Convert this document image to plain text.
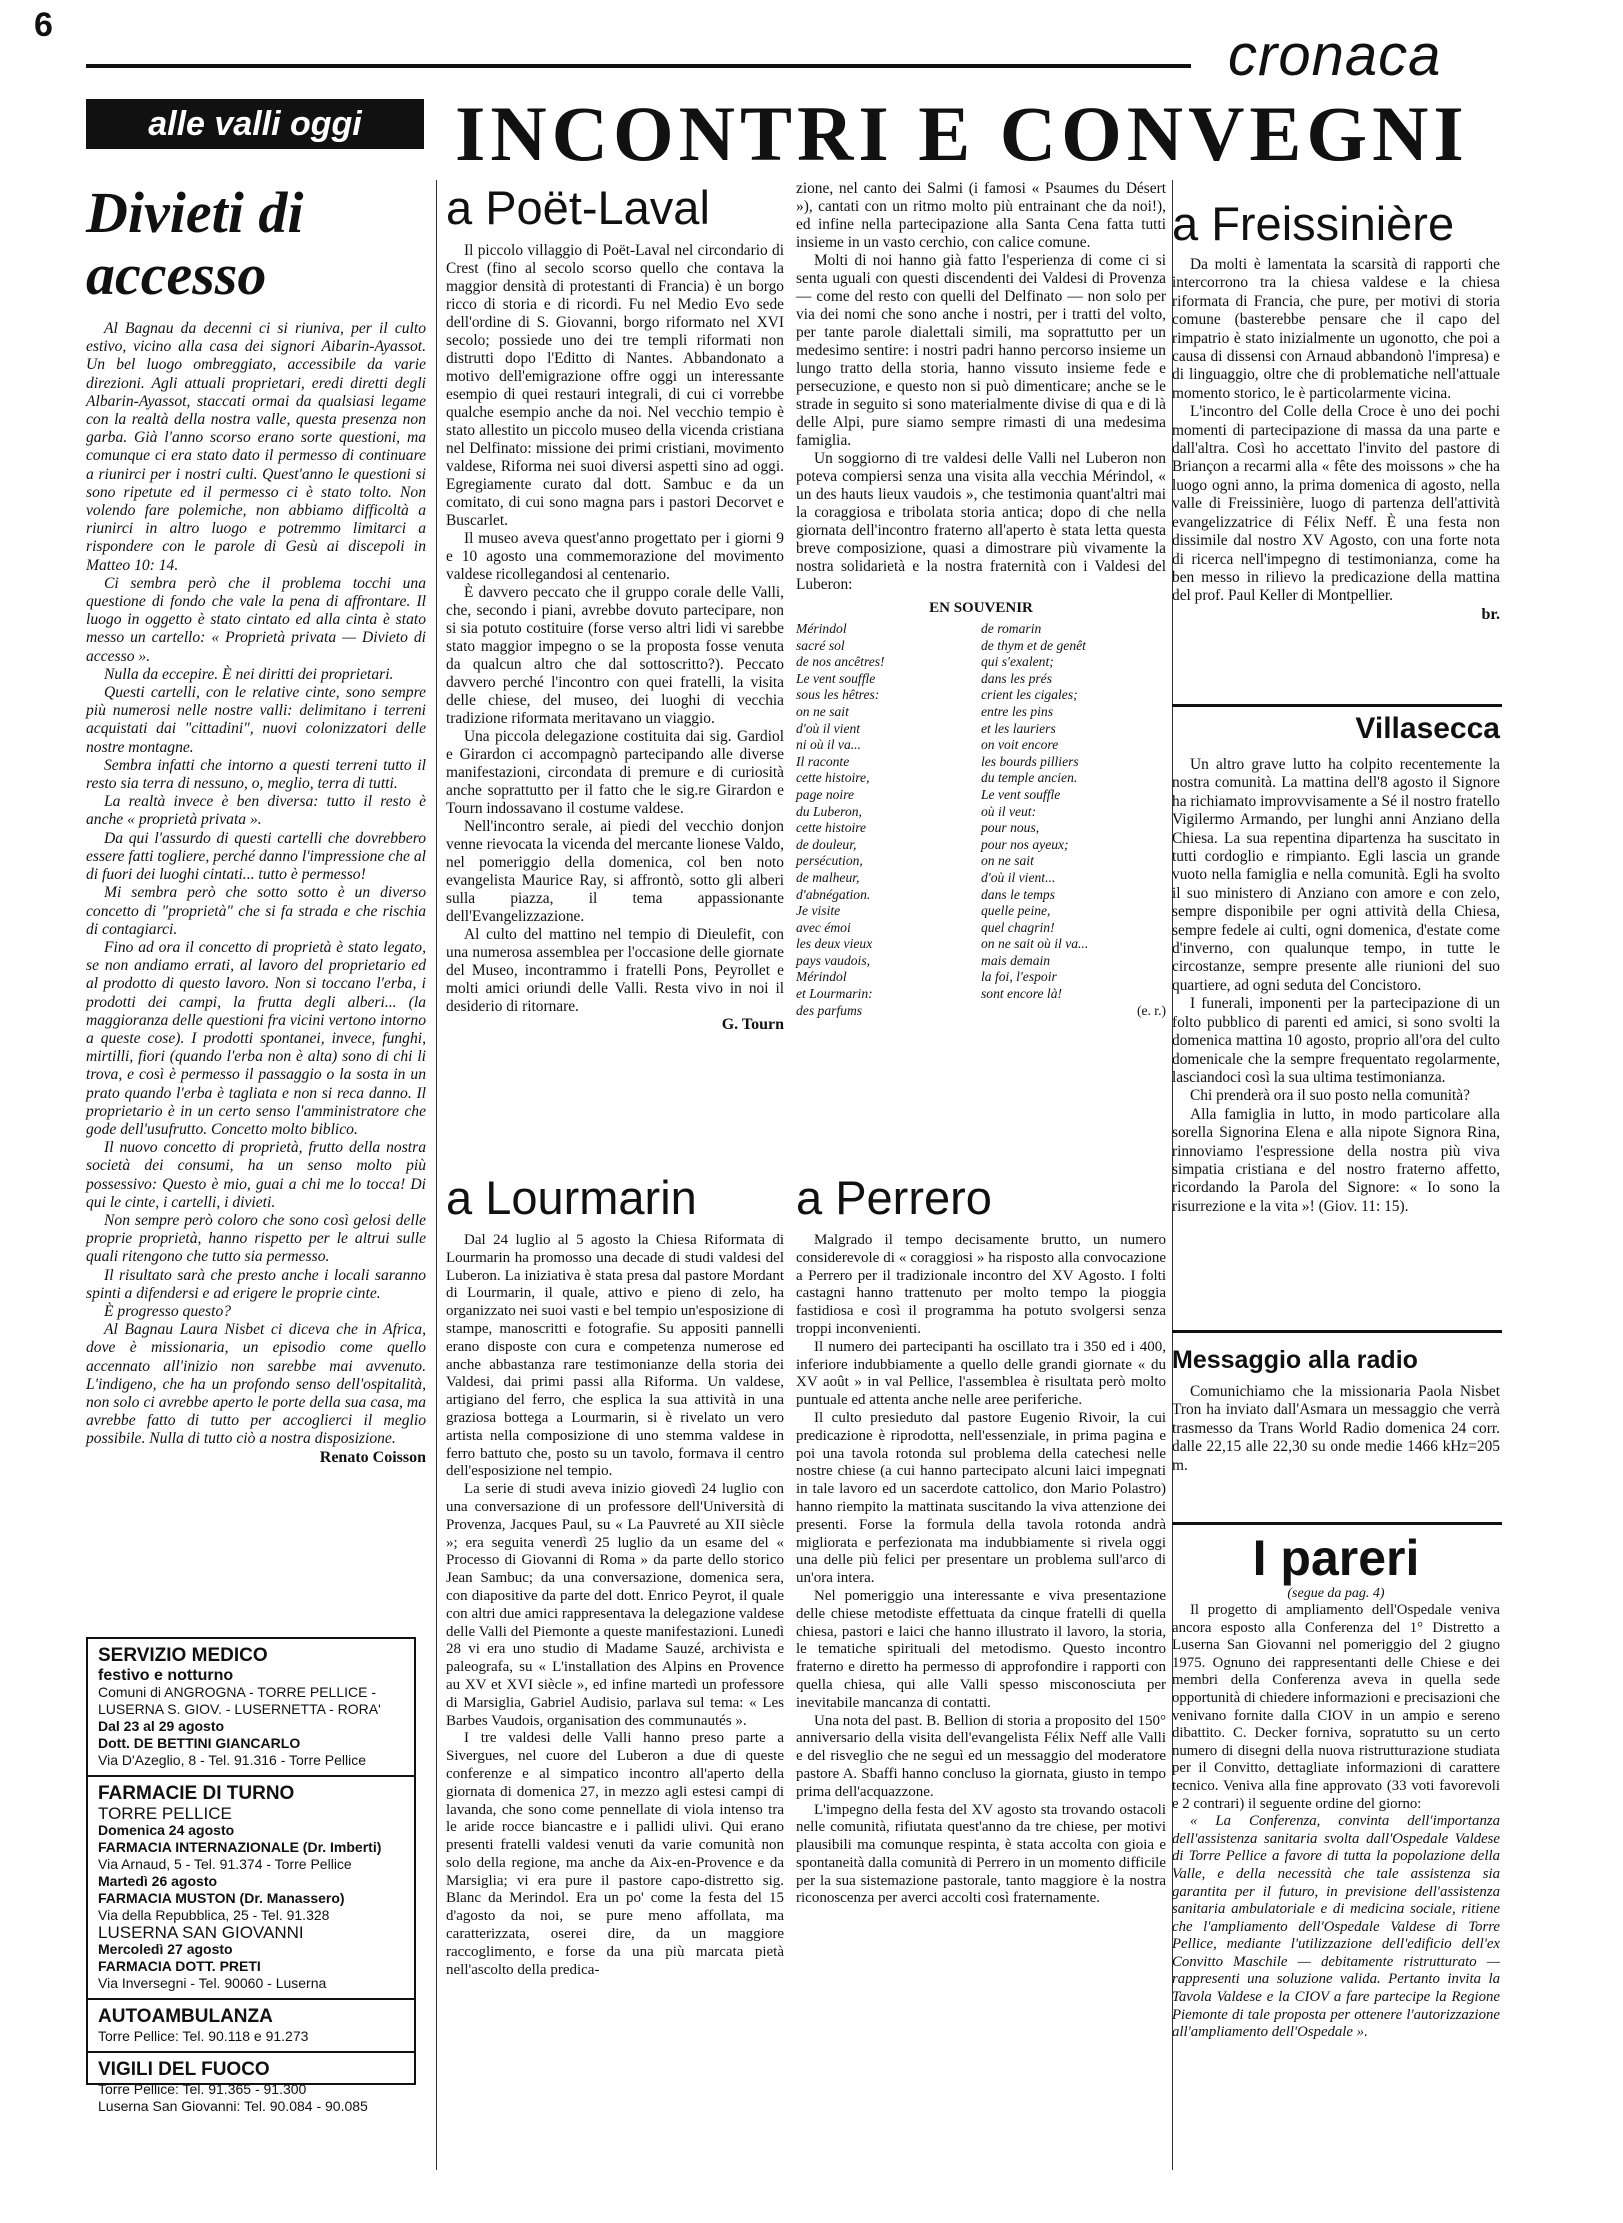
6	cronaca
alle valli oggi	INCONTRI E CONVEGNI
Divieti di accesso

Al Bagnau da decenni ci si riuniva, per il culto estivo, vicino alla casa dei signori Aibarin-Ayassot. Un bel luogo ombreggiato, accessibile da varie direzioni. Agli attuali proprietari, eredi diretti degli Albarin-Ayassot, staccati ormai da qualsiasi legame con la realtà della nostra valle, questa presenza non garba. Già l'anno scorso erano sorte questioni, ma comunque ci era stato dato il permesso di continuare a riunirci per i nostri culti. Quest'anno le questioni si sono ripetute ed il permesso ci è stato tolto. Non volendo fare polemiche, non abbiamo difficoltà a riunirci in altro luogo e potremmo limitarci a rispondere con le parole di Gesù ai discepoli in Matteo 10: 14.

Ci sembra però che il problema tocchi una questione di fondo che vale la pena di affrontare. Il luogo in oggetto è stato cintato ed alla cinta è stato messo un cartello: « Proprietà privata — Divieto di accesso ».

Nulla da eccepire. È nei diritti dei proprietari.

Questi cartelli, con le relative cinte, sono sempre più numerosi nelle nostre valli: delimitano i terreni acquistati dai "cittadini", nuovi colonizzatori delle nostre montagne.

Sembra infatti che intorno a questi terreni tutto il resto sia terra di nessuno, o, meglio, terra di tutti.

La realtà invece è ben diversa: tutto il resto è anche « proprietà privata ».

Da qui l'assurdo di questi cartelli che dovrebbero essere fatti togliere, perché danno l'impressione che al di fuori dei luoghi cintati... tutto è permesso!

Mi sembra però che sotto sotto è un diverso concetto di "proprietà" che si fa strada e che rischia di contagiarci.

Fino ad ora il concetto di proprietà è stato legato, se non andiamo errati, al lavoro del proprietario ed al prodotto di questo lavoro. Non si toccano l'erba, i prodotti dei campi, la frutta degli alberi... (la maggioranza delle questioni fra vicini vertono intorno a queste cose). I prodotti spontanei, invece, funghi, mirtilli, fiori (quando l'erba non è alta) sono di chi li trova, e così è permesso il passaggio o la sosta in un prato quando l'erba è tagliata e non si reca danno. Il proprietario è in un certo senso l'amministratore che gode dell'usufrutto. Concetto molto biblico.

Il nuovo concetto di proprietà, frutto della nostra società dei consumi, ha un senso molto più possessivo: Questo è mio, guai a chi me lo tocca! Di qui le cinte, i cartelli, i divieti.

Non sempre però coloro che sono così gelosi delle proprie proprietà, hanno rispetto per le altrui sulle quali ritengono che tutto sia permesso.

Il risultato sarà che presto anche i locali saranno spinti a difendersi e ad erigere le proprie cinte.

È progresso questo?

Al Bagnau Laura Nisbet ci diceva che in Africa, dove è missionaria, un episodio come quello accennato all'inizio non sarebbe mai avvenuto. L'indigeno, che ha un profondo senso dell'ospitalità, non solo ci avrebbe aperto le porte della sua casa, ma avrebbe fatto di tutto per accoglierci il meglio possibile. Nulla di tutto ciò a nostra disposizione.

Renato Coisson
SERVIZIO MEDICO
festivo e notturno
Comuni di ANGROGNA - TORRE PELLICE -
LUSERNA S. GIOV. - LUSERNETTA - RORA'
Dal 23 al 29 agosto
Dott. DE BETTINI GIANCARLO
Via D'Azeglio, 8 - Tel. 91.316 - Torre Pellice
FARMACIE DI TURNO
TORRE PELLICE
Domenica 24 agosto
FARMACIA INTERNAZIONALE (Dr. Imberti)
Via Arnaud, 5 - Tel. 91.374 - Torre Pellice
Martedì 26 agosto
FARMACIA MUSTON (Dr. Manassero)
Via della Repubblica, 25 - Tel. 91.328
LUSERNA SAN GIOVANNI
Mercoledì 27 agosto
FARMACIA DOTT. PRETI
Via Inversegni - Tel. 90060 - Luserna
AUTOAMBULANZA
Torre Pellice: Tel. 90.118 e 91.273
VIGILI DEL FUOCO
Torre Pellice: Tel. 91.365 - 91.300
Luserna San Giovanni: Tel. 90.084 - 90.085
a Poët-Laval

Il piccolo villaggio di Poët-Laval nel circondario di Crest (fino al secolo scorso quello che contava la maggior densità di protestanti di Francia) è un borgo ricco di storia e di ricordi. Fu nel Medio Evo sede dell'ordine di S. Giovanni, borgo riformato nel XVI secolo; possiede uno dei tre templi riformati non distrutti dopo l'Editto di Nantes. Abbandonato a motivo dell'emigrazione offre oggi un interessante esempio di quei restauri integrali, di cui ci vorrebbe qualche esempio anche da noi. Nel vecchio tempio è stato allestito un piccolo museo della vicenda cristiana nel Delfinato: missione dei primi cristiani, movimento valdese, Riforma nei suoi diversi aspetti sino ad oggi. Egregiamente curato dal dott. Sambuc e da un comitato, di cui sono magna pars i pastori Decorvet e Buscarlet.

Il museo aveva quest'anno progettato per i giorni 9 e 10 agosto una commemorazione del movimento valdese ricollegandosi al centenario.

È davvero peccato che il gruppo corale delle Valli, che, secondo i piani, avrebbe dovuto partecipare, non si sia potuto costituire (forse verso altri lidi vi sarebbe stato maggior impegno o se la proposta fosse venuta da qualcun altro che dal sottoscritto?). Peccato davvero perché l'incontro con quei fratelli, la visita delle chiese, del museo, dei luoghi di vecchia tradizione riformata meritavano un viaggio.

Una piccola delegazione costituita dai sig. Gardiol e Girardon ci accompagnò partecipando alle diverse manifestazioni, circondata di premure e di curiosità anche soprattutto per il fatto che le sig.re Girardon e Tourn indossavano il costume valdese.

Nell'incontro serale, ai piedi del vecchio donjon venne rievocata la vicenda del mercante lionese Valdo, nel pomeriggio della domenica, col ben noto evangelista Maurice Ray, si affrontò, sotto gli alberi sulla piazza, il tema appassionante dell'Evangelizzazione.

Al culto del mattino nel tempio di Dieulefit, con una numerosa assemblea per l'occasione delle giornate del Museo, incontrammo i fratelli Pons, Peyrollet e molti amici oriundi delle Valli. Resta vivo in noi il desiderio di ritornare.

G. Tourn

zione, nel canto dei Salmi (i famosi « Psaumes du Désert »), cantati con un ritmo molto più entrainant che da noi!), ed infine nella partecipazione alla Santa Cena fatta tutti insieme in un vasto cerchio, con calice comune.

Molti di noi hanno già fatto l'esperienza di come ci si senta uguali con questi discendenti dei Valdesi di Provenza — come del resto con quelli del Delfinato — non solo per via dei nomi che sono anche i nostri, per i tratti del volto, per tante parole dialettali simili, ma soprattutto per un medesimo sentire: i nostri padri hanno percorso insieme un lungo tratto della storia, hanno vissuto insieme fede e persecuzione, e questo non si può dimenticare; anche se le strade in seguito si sono materialmente divise di qua e di là delle Alpi, pure siamo sempre rimasti di una medesima famiglia.

Un soggiorno di tre valdesi delle Valli nel Luberon non poteva compiersi senza una visita alla vecchia Mérindol, « un des hauts lieux vaudois », che testimonia quant'altri mai la coraggiosa e tribolata storia antica; dopo di che nella giornata dell'incontro fraterno all'aperto è stata letta questa breve composizione, quasi a dimostrare più vivamente la nostra solidarietà e la nostra fraternità con i Valdesi del Luberon:

EN SOUVENIR
Mérindol
sacré sol
de nos ancêtres!
Le vent souffle
sous les hêtres:
on ne sait
d'où il vient
ni où il va...
Il raconte
cette histoire,
page noire
du Luberon,
cette histoire
de douleur,
persécution,
de malheur,
d'abnégation.
Je visite
avec émoi
les deux vieux
pays vaudois,
Mérindol
et Lourmarin:
des parfums
de romarin
de thym et de genêt
qui s'exalent;
dans les prés
crient les cigales;
entre les pins
et les lauriers
on voit encore
les bourds pilliers
du temple ancien.
Le vent souffle
où il veut:
pour nous,
pour nos ayeux;
on ne sait
d'où il vient...
dans le temps
quelle peine,
quel chagrin!
on ne sait où il va...
mais demain
la foi, l'espoir
sont encore là!
(e. r.)
a Freissinière

Da molti è lamentata la scarsità di rapporti che intercorrono tra la chiesa valdese e la chiesa riformata di Francia, che pure, per motivi di storia comune (basterebbe pensare che il capo del rimpatrio è stato inizialmente un ugonotto, che poi a causa di dissensi con Arnaud abbandonò l'impresa) e di linguaggio, oltre che di problematiche nell'attuale momento storico, le è particolarmente vicina.

L'incontro del Colle della Croce è uno dei pochi momenti di partecipazione di massa da una parte e dall'altra. Così ho accettato l'invito del pastore di Briançon a recarmi alla « fête des moissons » che ha luogo ogni anno, la prima domenica di agosto, nella valle di Freissinière, luogo di partenza dell'attività evangelizzatrice di Félix Neff. È una festa non dissimile dal nostro XV Agosto, con una forte nota di ricerca nell'impegno di testimonianza, come ha ben messo in rilievo la predicazione della mattina del prof. Paul Keller di Montpellier.

br.
Villasecca

Un altro grave lutto ha colpito recentemente la nostra comunità. La mattina dell'8 agosto il Signore ha richiamato improvvisamente a Sé il nostro fratello Vigilermo Armando, per lunghi anni Anziano della Chiesa. La sua repentina dipartenza ha suscitato in tutti cordoglio e rimpianto. Egli lascia un grande vuoto nella famiglia e nella comunità. Egli ha svolto il suo ministero di Anziano con amore e con zelo, sempre disponibile per ogni attività della Chiesa, sempre fedele ai culti, ogni domenica, d'estate come d'inverno, con qualunque tempo, in tutte le circostanze, sempre presente alle riunioni del suo quartiere, ad ogni seduta del Concistoro.

I funerali, imponenti per la partecipazione di un folto pubblico di parenti ed amici, si sono svolti la domenica mattina 10 agosto, proprio all'ora del culto domenicale che la sempre frequentato regolarmente, lasciandoci così la sua ultima testimonianza.

Chi prenderà ora il suo posto nella comunità?

Alla famiglia in lutto, in modo particolare alla sorella Signorina Elena e alla nipote Signora Rina, rinnoviamo l'espressione della nostra più viva simpatia cristiana e del nostro fraterno affetto, ricordando la Parola del Signore: « Io sono la risurrezione e la vita »! (Giov. 11: 15).

Messaggio alla radio

Comunichiamo che la missionaria Paola Nisbet Tron ha inviato dall'Asmara un messaggio che verrà trasmesso da Trans World Radio domenica 24 corr. dalle 22,15 alle 22,30 su onde medie 1466 kHz=205 m.

I pareri
(segue da pag. 4)

Il progetto di ampliamento dell'Ospedale veniva ancora esposto alla Conferenza del 1° Distretto a Luserna San Giovanni nel pomeriggio del 2 giugno 1975. Ognuno dei rappresentanti delle Chiese e dei membri della Conferenza aveva in quella sede opportunità di chiedere informazioni e precisazioni che venivano fornite dalla CIOV in un ampio e sereno dibattito. C. Decker forniva, sopratutto su un certo numero di disegni della nuova ristrutturazione studiata per il Convitto, dettagliate informazioni di carattere tecnico. Veniva alla fine approvato (33 voti favorevoli e 2 contrari) il seguente ordine del giorno:

« La Conferenza, convinta dell'importanza dell'assistenza sanitaria svolta dall'Ospedale Valdese di Torre Pellice a favore di tutta la popolazione della Valle, e della necessità che tale assistenza sia garantita per il futuro, in previsione dell'assistenza sanitaria ambulatoriale e di medicina sociale, ritiene che l'ampliamento dell'Ospedale Valdese di Torre Pellice, mediante l'utilizzazione dell'edificio dell'ex Convitto Maschile — debitamente ristrutturato — rappresenti una soluzione valida. Pertanto invita la Tavola Valdese e la CIOV a fare partecipe la Regione Piemonte di tale proposta per ottenere l'autorizzazione all'ampliamento dell'Ospedale ».

a Lourmarin

Dal 24 luglio al 5 agosto la Chiesa Riformata di Lourmarin ha promosso una decade di studi valdesi del Luberon. La iniziativa è stata presa dal pastore Mordant di Lourmarin, il quale, attivo e pieno di zelo, ha organizzato nei suoi vasti e bel tempio un'esposizione di stampe, manoscritti e fotografie. Su appositi pannelli erano disposte con cura e competenza numerose ed anche abbastanza rare testimonianze della storia dei Valdesi, dai primi passi alla Riforma. Un valdese, artigiano del ferro, che esplica la sua attività in una graziosa bottega a Lourmarin, si è rivelato un vero artista nella composizione di uno stemma valdese in ferro battuto che, posto su un tavolo, formava il centro dell'esposizione nel tempio.

La serie di studi aveva inizio giovedì 24 luglio con una conversazione di un professore dell'Università di Provenza, Jacques Paul, su « La Pauvreté au XII siècle »; era seguita venerdì 25 luglio da un esame del « Processo di Giovanni di Roma » da parte dello storico Jean Sambuc; da una conversazione, domenica sera, con diapositive da parte del dott. Enrico Peyrot, il quale con altri due amici rappresentava la delegazione valdese delle Valli del Piemonte a queste manifestazioni. Lunedì 28 vi era uno studio di Madame Sauzé, archivista e paleografa, su « L'installation des Alpins en Provence au XV et XVI siècle », ed infine martedì un professore di Marsiglia, Gabriel Audisio, parlava sul tema: « Les Barbes Vaudois, organisation des communautés ».

I tre valdesi delle Valli hanno preso parte a Sivergues, nel cuore del Luberon a due di queste conferenze e al simpatico incontro all'aperto della giornata di domenica 27, in mezzo agli estesi campi di lavanda, che sono come pennellate di viola intenso tra le aride rocce biancastre e i pallidi ulivi. Qui erano presenti fratelli valdesi venuti da varie comunità non solo della regione, ma anche da Aix-en-Provence e da Marsiglia; vi era pure il pastore capo-distretto sig. Blanc da Merindol. Era un po' come la festa del 15 d'agosto da noi, se pure meno affollata, ma caratterizzata, oserei dire, da un maggiore raccoglimento, e forse da una più marcata pietà nell'ascolto della predica-

a Perrero

Malgrado il tempo decisamente brutto, un numero considerevole di « coraggiosi » ha risposto alla convocazione a Perrero per il tradizionale incontro del XV Agosto. I folti castagni hanno trattenuto per molto tempo la pioggia fastidiosa e così il programma ha potuto svolgersi senza troppi inconvenienti.

Il numero dei partecipanti ha oscillato tra i 350 ed i 400, inferiore indubbiamente a quello delle grandi giornate « du XV août » in val Pellice, l'assemblea è risultata però molto puntuale ed attenta anche nelle aree periferiche.

Il culto presieduto dal pastore Eugenio Rivoir, la cui predicazione è riprodotta, nell'essenziale, in prima pagina e poi una tavola rotonda sul problema della catechesi nelle nostre chiese (a cui hanno partecipato alcuni laici impegnati in tale lavoro ed un sacerdote cattolico, don Mario Polastro) hanno riempito la mattinata suscitando la viva attenzione dei presenti. Forse la formula della tavola rotonda andrà migliorata e perfezionata ma indubbiamente si rivela oggi una delle più felici per presentare un problema sull'arco di un'ora intera.

Nel pomeriggio una interessante e viva presentazione delle chiese metodiste effettuata da cinque fratelli di quella chiesa, pastori e laici che hanno illustrato il lavoro, la storia, le tematiche spirituali del metodismo. Questo incontro fraterno e diretto ha permesso di approfondire i rapporti con quella chiesa, qui alle Valli spesso misconosciuta per inevitabile mancanza di contatti.

Una nota del past. B. Bellion di storia a proposito del 150° anniversario della visita dell'evangelista Félix Neff alle Valli e del risveglio che ne seguì ed un messaggio del moderatore pastore A. Sbaffi hanno concluso la giornata, giusto in tempo prima dell'acquazzone.

L'impegno della festa del XV agosto sta trovando ostacoli nelle comunità, rifiutata quest'anno da tre chiese, per motivi plausibili ma comunque respinta, è stata accolta con gioia e spontaneità dalla comunità di Perrero in un momento difficile per la sua sistemazione pastorale, tanto maggiore è la nostra riconoscenza per averci accolti così fraternamente.
